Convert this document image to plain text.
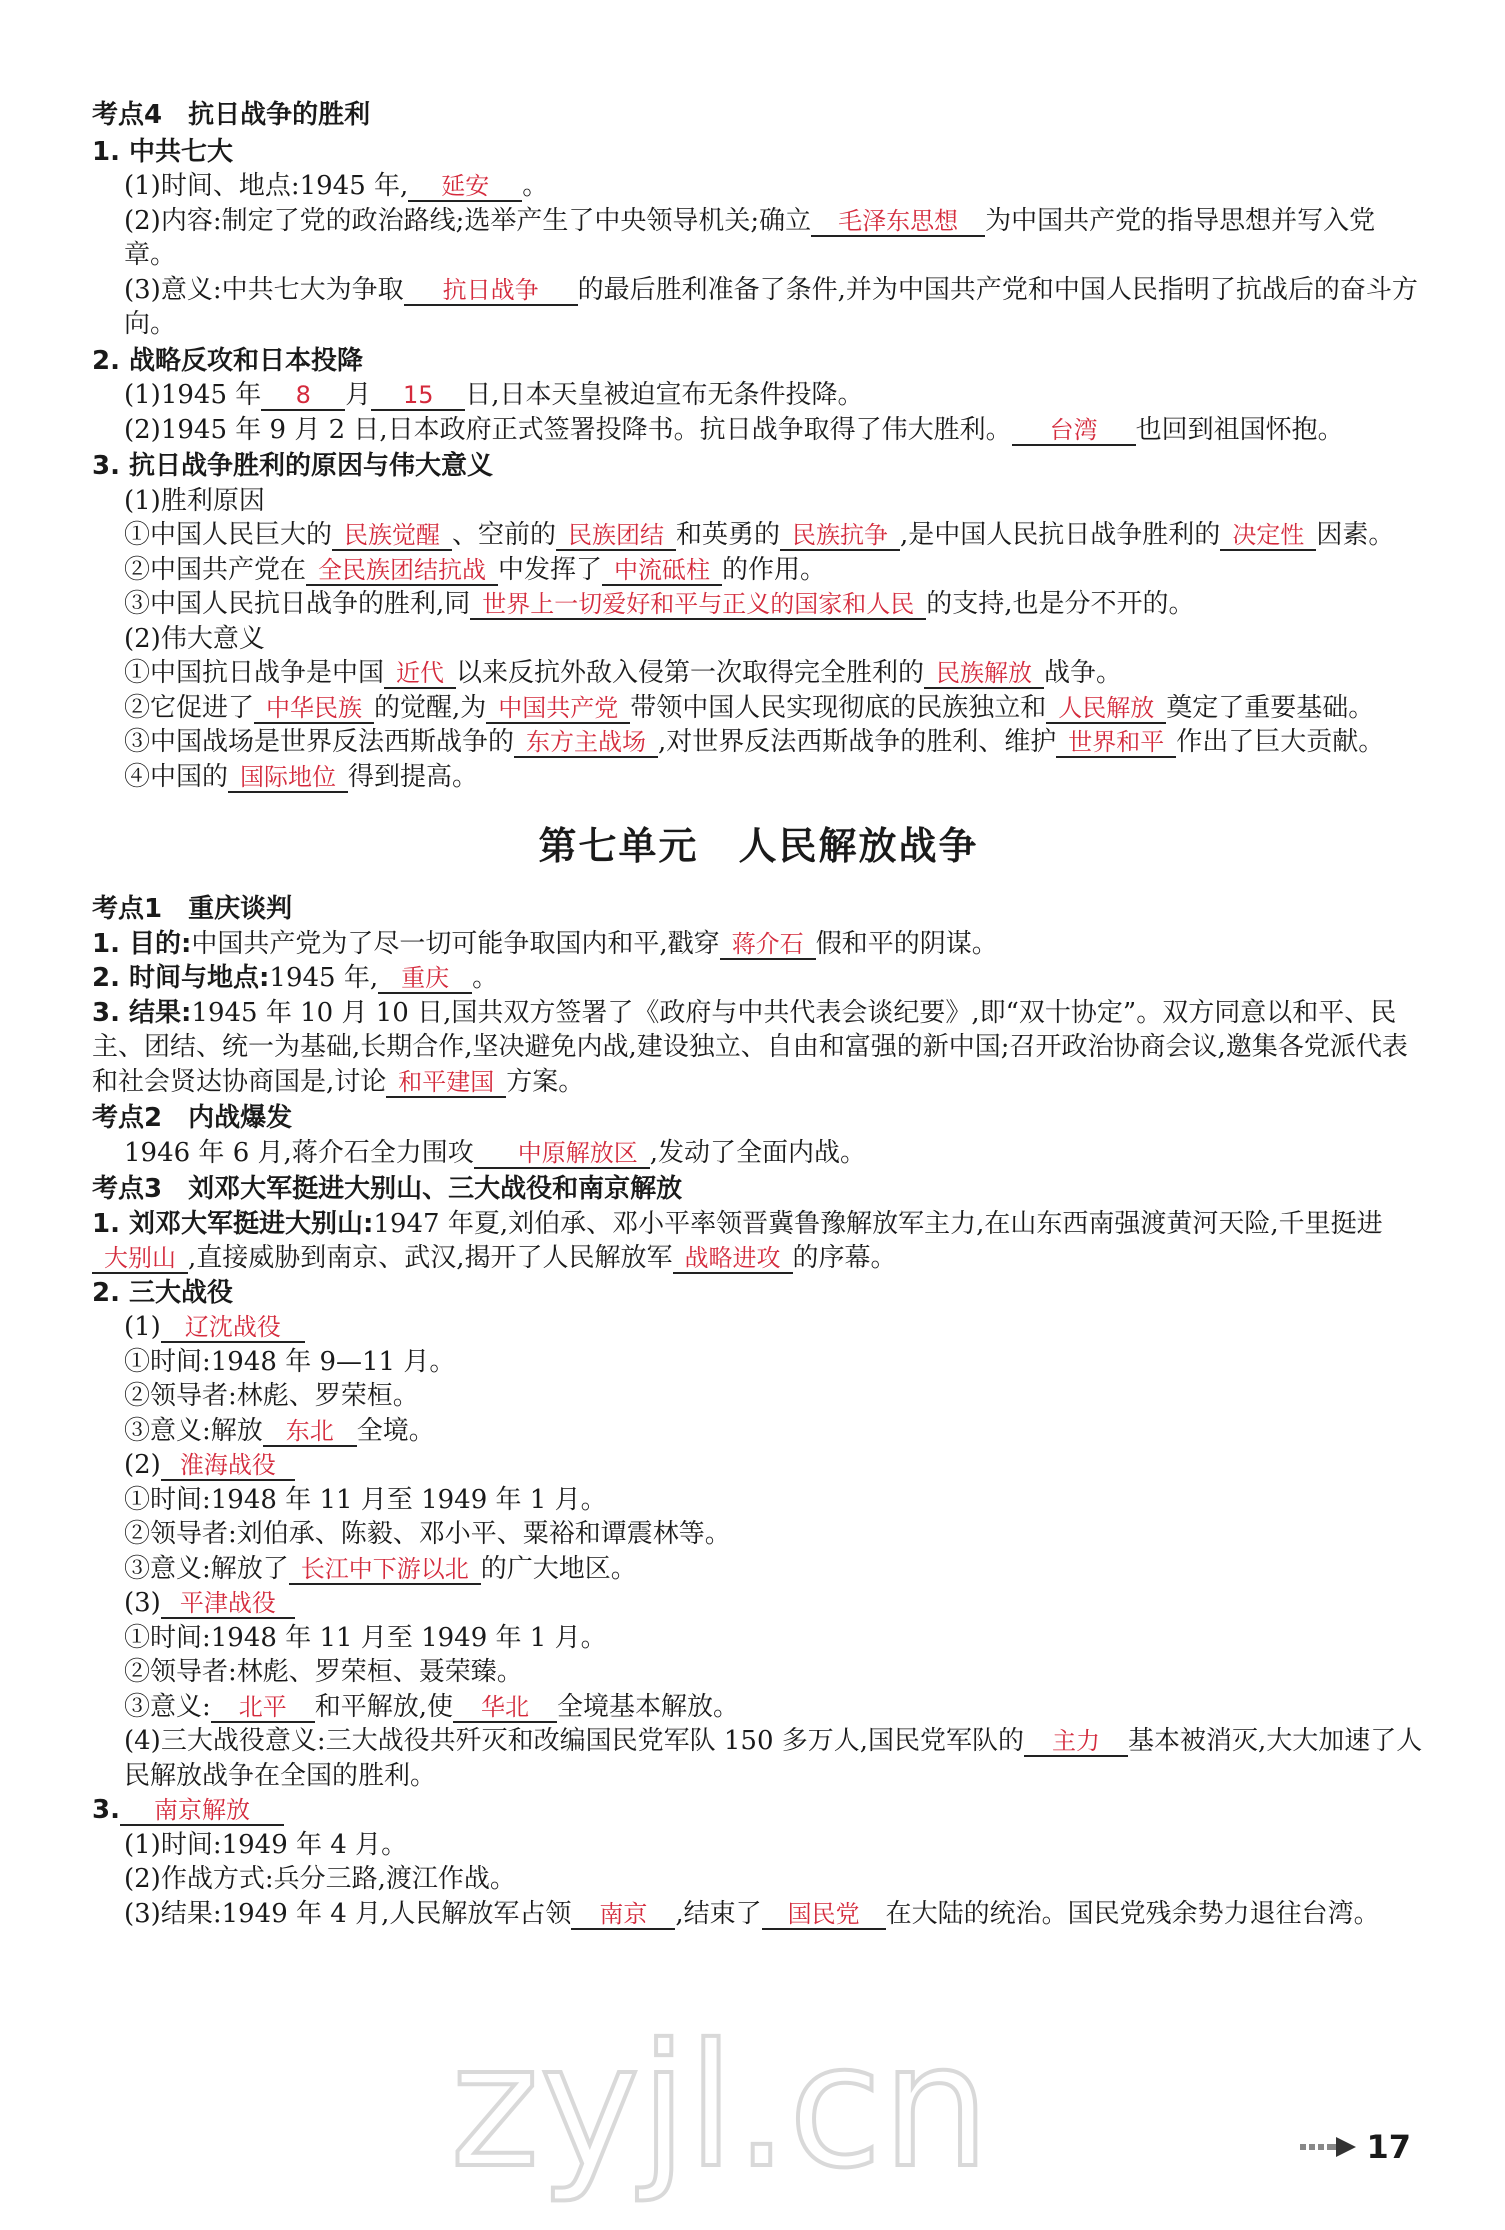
考点4　抗日战争的胜利
1. 中共七大
(1)时间、地点:1945 年, 延安 。
(2)内容:制定了党的政治路线;选举产生了中央领导机关;确立 毛泽东思想 为中国共产党的指导思想并写入党章。
(3)意义:中共七大为争取 抗日战争 的最后胜利准备了条件,并为中国共产党和中国人民指明了抗战后的奋斗方向。
2. 战略反攻和日本投降
(1)1945 年 8 月 15 日,日本天皇被迫宣布无条件投降。
(2)1945 年 9 月 2 日,日本政府正式签署投降书。抗日战争取得了伟大胜利。 台湾 也回到祖国怀抱。
3. 抗日战争胜利的原因与伟大意义
(1)胜利原因
①中国人民巨大的 民族觉醒 、空前的 民族团结 和英勇的 民族抗争 ,是中国人民抗日战争胜利的 决定性 因素。
②中国共产党在 全民族团结抗战 中发挥了 中流砥柱 的作用。
③中国人民抗日战争的胜利,同 世界上一切爱好和平与正义的国家和人民 的支持,也是分不开的。
(2)伟大意义
①中国抗日战争是中国 近代 以来反抗外敌入侵第一次取得完全胜利的 民族解放 战争。
②它促进了 中华民族 的觉醒,为 中国共产党 带领中国人民实现彻底的民族独立和 人民解放 奠定了重要基础。
③中国战场是世界反法西斯战争的 东方主战场 ,对世界反法西斯战争的胜利、维护 世界和平 作出了巨大贡献。
④中国的 国际地位 得到提高。
第七单元 人民解放战争
考点1　重庆谈判
1. 目的:中国共产党为了尽一切可能争取国内和平,戳穿 蒋介石 假和平的阴谋。
2. 时间与地点:1945 年, 重庆 。
3. 结果:1945 年 10 月 10 日,国共双方签署了《政府与中共代表会谈纪要》,即“双十协定”。双方同意以和平、民主、团结、统一为基础,长期合作,坚决避免内战,建设独立、自由和富强的新中国;召开政治协商会议,邀集各党派代表和社会贤达协商国是,讨论 和平建国 方案。
考点2　内战爆发
1946 年 6 月,蒋介石全力围攻 中原解放区 ,发动了全面内战。
考点3　刘邓大军挺进大别山、三大战役和南京解放
1. 刘邓大军挺进大别山:1947 年夏,刘伯承、邓小平率领晋冀鲁豫解放军主力,在山东西南强渡黄河天险,千里挺进大别山 ,直接威胁到南京、武汉,揭开了人民解放军 战略进攻 的序幕。
2. 三大战役
(1) 辽沈战役
①时间:1948 年 9—11 月。
②领导者:林彪、罗荣桓。
③意义:解放 东北 全境。
(2) 淮海战役
①时间:1948 年 11 月至 1949 年 1 月。
②领导者:刘伯承、陈毅、邓小平、粟裕和谭震林等。
③意义:解放了 长江中下游以北 的广大地区。
(3) 平津战役
①时间:1948 年 11 月至 1949 年 1 月。
②领导者:林彪、罗荣桓、聂荣臻。
③意义: 北平 和平解放,使 华北 全境基本解放。
(4)三大战役意义:三大战役共歼灭和改编国民党军队 150 多万人,国民党军队的 主力 基本被消灭,大大加速了人民解放战争在全国的胜利。
3. 南京解放
(1)时间:1949 年 4 月。
(2)作战方式:兵分三路,渡江作战。
(3)结果:1949 年 4 月,人民解放军占领 南京 ,结束了 国民党 在大陆的统治。国民党残余势力退往台湾。
zyjl.cn	17
